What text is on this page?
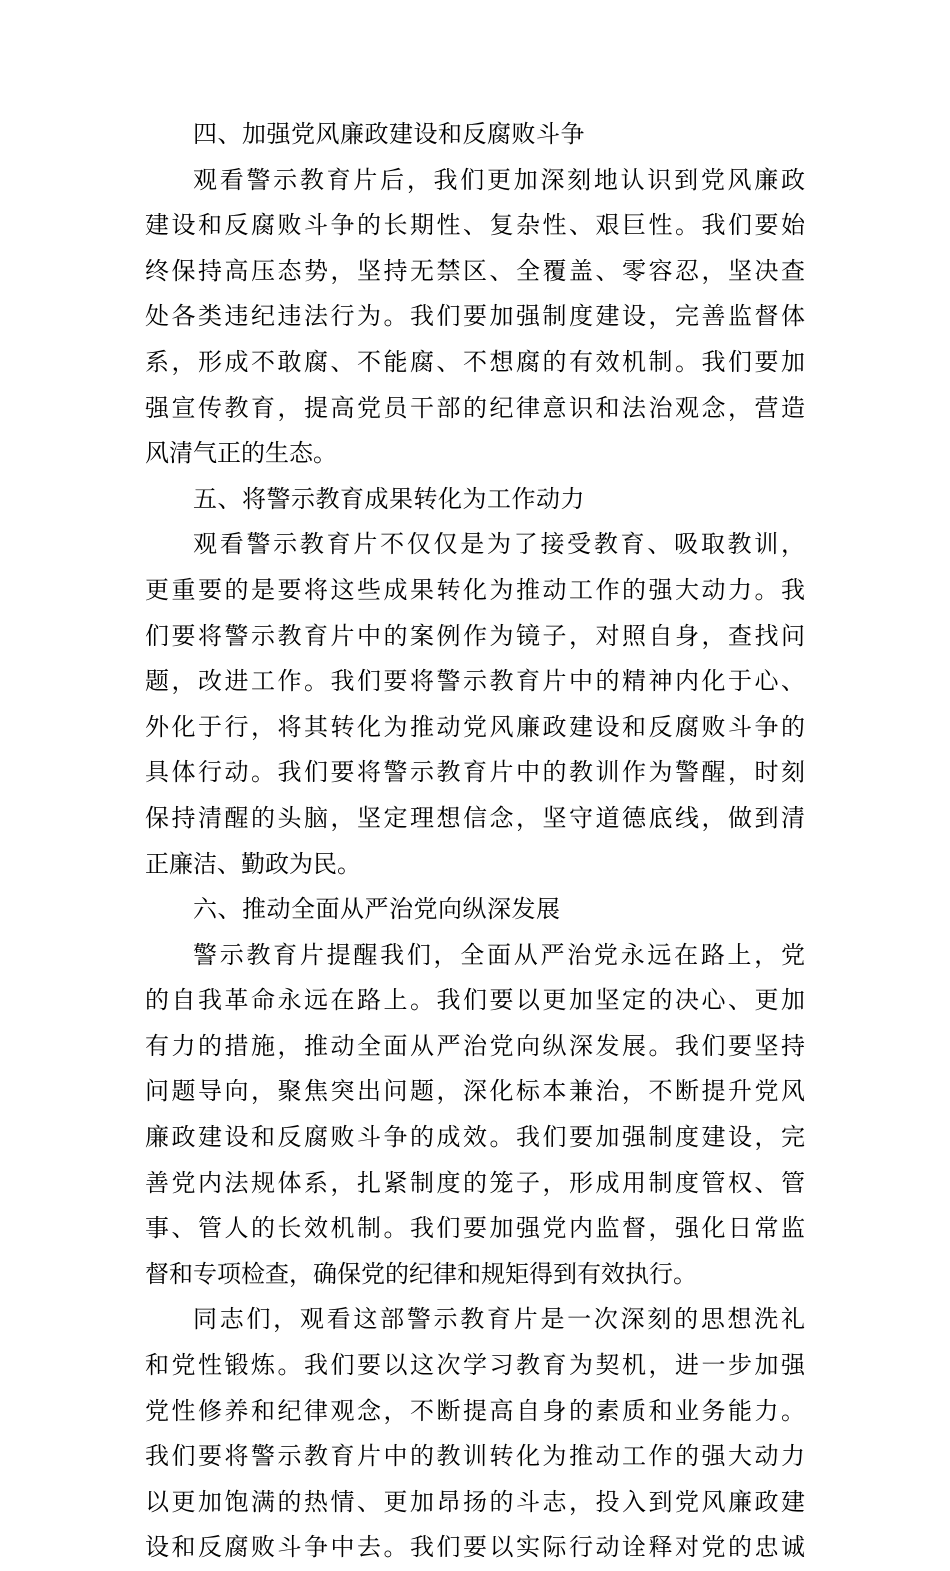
四、加强党风廉政建设和反腐败斗争
观看警示教育片后，我们更加深刻地认识到党风廉政
建设和反腐败斗争的长期性、复杂性、艰巨性。我们要始
终保持高压态势，坚持无禁区、全覆盖、零容忍，坚决查
处各类违纪违法行为。我们要加强制度建设，完善监督体
系，形成不敢腐、不能腐、不想腐的有效机制。我们要加
强宣传教育，提高党员干部的纪律意识和法治观念，营造
风清气正的生态。
五、将警示教育成果转化为工作动力
观看警示教育片不仅仅是为了接受教育、吸取教训，
更重要的是要将这些成果转化为推动工作的强大动力。我
们要将警示教育片中的案例作为镜子，对照自身，查找问
题，改进工作。我们要将警示教育片中的精神内化于心、
外化于行，将其转化为推动党风廉政建设和反腐败斗争的
具体行动。我们要将警示教育片中的教训作为警醒，时刻
保持清醒的头脑，坚定理想信念，坚守道德底线，做到清
正廉洁、勤政为民。
六、推动全面从严治党向纵深发展
警示教育片提醒我们，全面从严治党永远在路上，党
的自我革命永远在路上。我们要以更加坚定的决心、更加
有力的措施，推动全面从严治党向纵深发展。我们要坚持
问题导向，聚焦突出问题，深化标本兼治，不断提升党风
廉政建设和反腐败斗争的成效。我们要加强制度建设，完
善党内法规体系，扎紧制度的笼子，形成用制度管权、管
事、管人的长效机制。我们要加强党内监督，强化日常监
督和专项检查，确保党的纪律和规矩得到有效执行。
同志们，观看这部警示教育片是一次深刻的思想洗礼
和党性锻炼。我们要以这次学习教育为契机，进一步加强
党性修养和纪律观念，不断提高自身的素质和业务能力。
我们要将警示教育片中的教训转化为推动工作的强大动力
以更加饱满的热情、更加昂扬的斗志，投入到党风廉政建
设和反腐败斗争中去。我们要以实际行动诠释对党的忠诚
